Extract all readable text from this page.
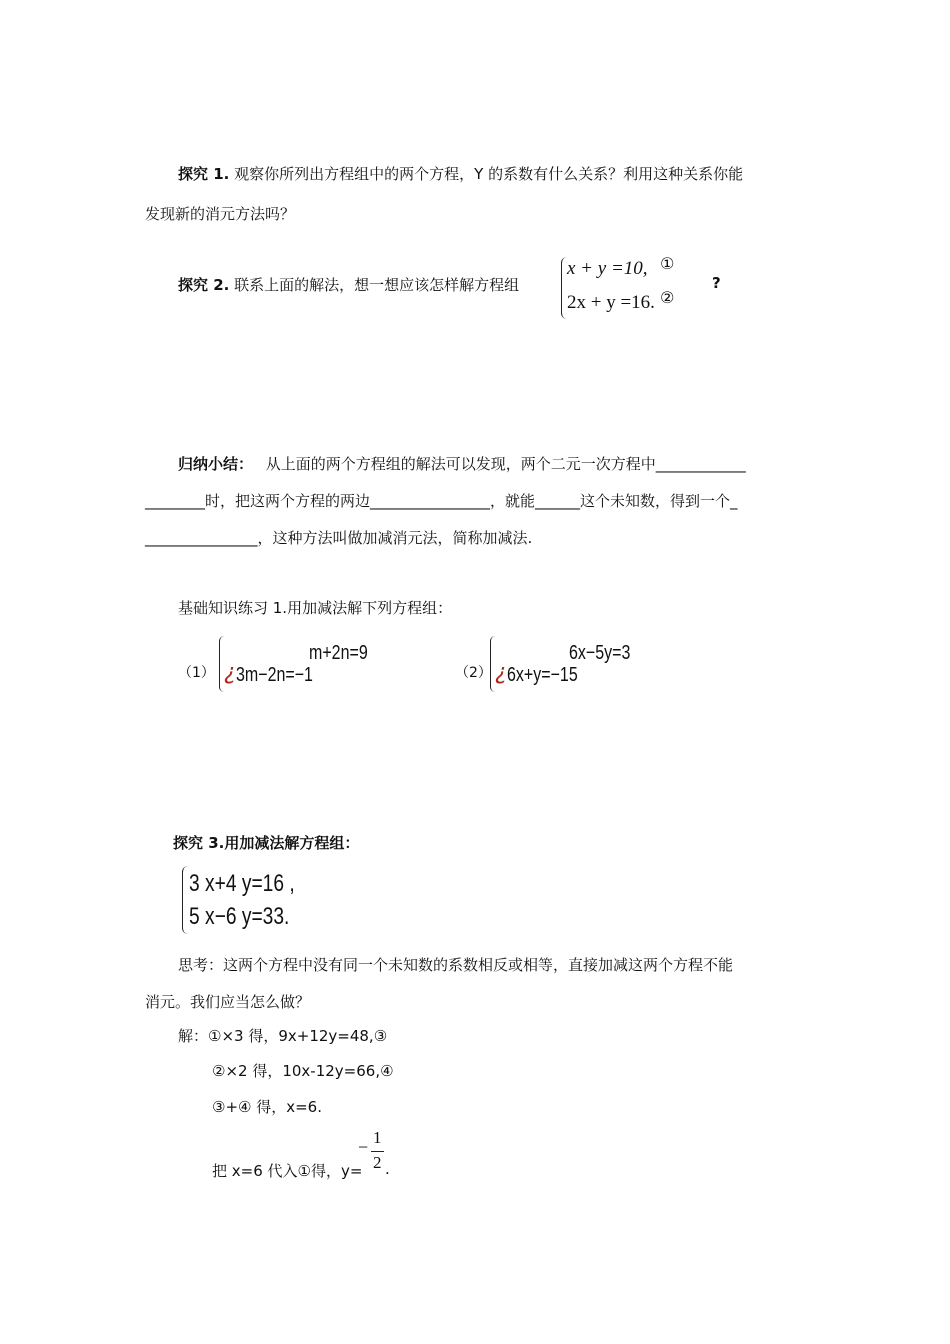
探究 1. 观察你所列出方程组中的两个方程，Y 的系数有什么关系？利用这种关系你能
发现新的消元方法吗？
探究 2. 联系上面的解法，想一想应该怎样解方程组
x + y =10,
2x + y =16.
①
②
?
归纳小结： 从上面的两个方程组的解法可以发现，两个二元一次方程中____________
________时，把这两个方程的两边________________，就能______这个未知数，得到一个_
_______________，这种方法叫做加减消元法，简称加减法.
基础知识练习 1.用加减法解下列方程组：
（1） ¿ 3m−2n=−1
m+2n=9
（2） ¿ 6x+y=−15
6x−5y=3
探究 3.用加减法解方程组：
3 x+4 y=16 ,
5 x−6 y=33.
思考：这两个方程中没有同一个未知数的系数相反或相等，直接加减这两个方程不能
消元。我们应当怎么做？
解：①×3 得，9x+12y=48,③
②×2 得，10x-12y=66,④
③+④ 得，x=6.
把 x=6 代入①得，y=
− 1
2 .
